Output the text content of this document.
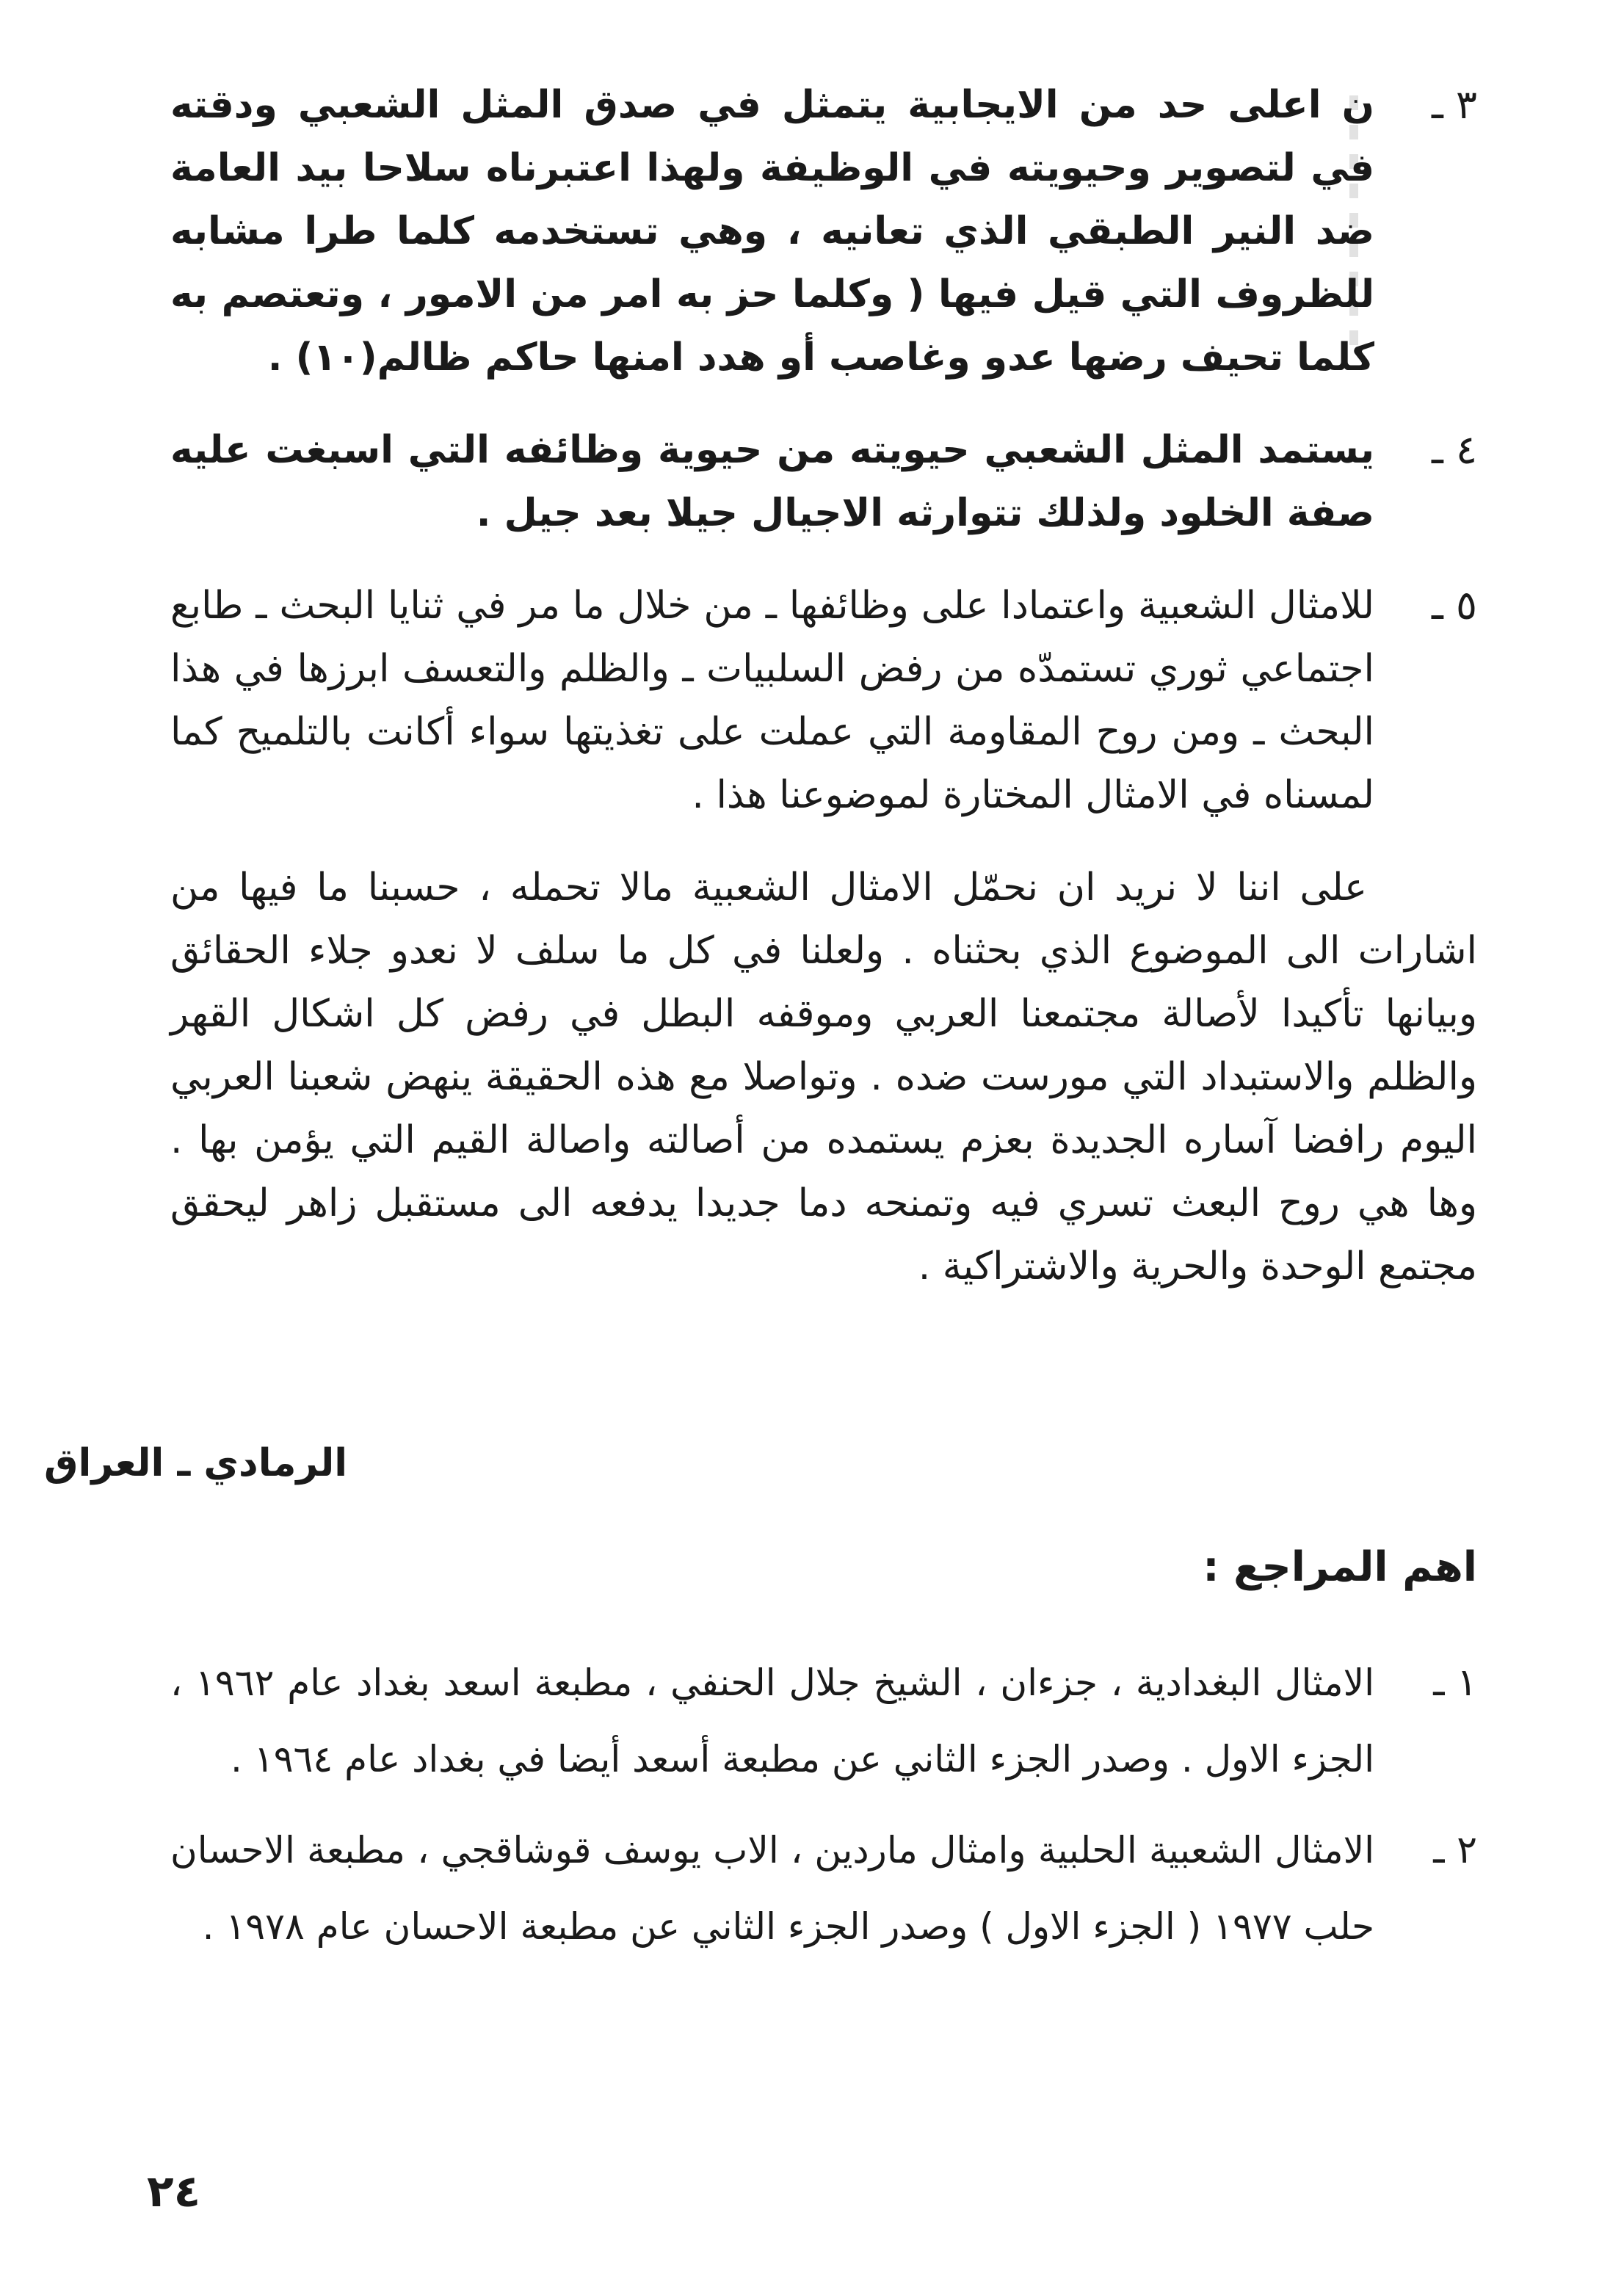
٣ ـ
ن اعلى حد من الايجابية يتمثل في صدق المثل الشعبي ودقته في لتصوير وحيويته في الوظيفة ولهذا اعتبرناه سلاحا بيد العامة ضد النير الطبقي الذي تعانيه ، وهي تستخدمه كلما طرا مشابه للظروف التي قيل فيها ( وكلما حز به امر من الامور ، وتعتصم به كلما تحيف رضها عدو وغاصب أو هدد امنها حاكم ظالم(١٠) .
٤ ـ
يستمد المثل الشعبي حيويته من حيوية وظائفه التي اسبغت عليه صفة الخلود ولذلك تتوارثه الاجيال جيلا بعد جيل .
٥ ـ
للامثال الشعبية واعتمادا على وظائفها ـ من خلال ما مر في ثنايا البحث ـ طابع اجتماعي ثوري تستمدّه من رفض السلبيات ـ والظلم والتعسف ابرزها في هذا البحث ـ ومن روح المقاومة التي عملت على تغذيتها سواء أكانت بالتلميح كما لمسناه في الامثال المختارة لموضوعنا هذا .
على اننا لا نريد ان نحمّل الامثال الشعبية مالا تحمله ، حسبنا ما فيها من اشارات الى الموضوع الذي بحثناه . ولعلنا في كل ما سلف لا نعدو جلاء الحقائق وبيانها تأكيدا لأصالة مجتمعنا العربي وموقفه البطل في رفض كل اشكال القهر والظلم والاستبداد التي مورست ضده . وتواصلا مع هذه الحقيقة ينهض شعبنا العربي اليوم رافضا آساره الجديدة بعزم يستمده من أصالته واصالة القيم التي يؤمن بها . وها هي روح البعث تسري فيه وتمنحه دما جديدا يدفعه الى مستقبل زاهر ليحقق مجتمع الوحدة والحرية والاشتراكية .
الرمادي ـ العراق
اهم المراجع :
١ ـ
الامثال البغدادية ، جزءان ، الشيخ جلال الحنفي ، مطبعة اسعد بغداد عام ١٩٦٢ ، الجزء الاول . وصدر الجزء الثاني عن مطبعة أسعد أيضا في بغداد عام ١٩٦٤ .
٢ ـ
الامثال الشعبية الحلبية وامثال ماردين ، الاب يوسف قوشاقجي ، مطبعة الاحسان حلب ١٩٧٧ ( الجزء الاول ) وصدر الجزء الثاني عن مطبعة الاحسان عام ١٩٧٨ .
٢٤
